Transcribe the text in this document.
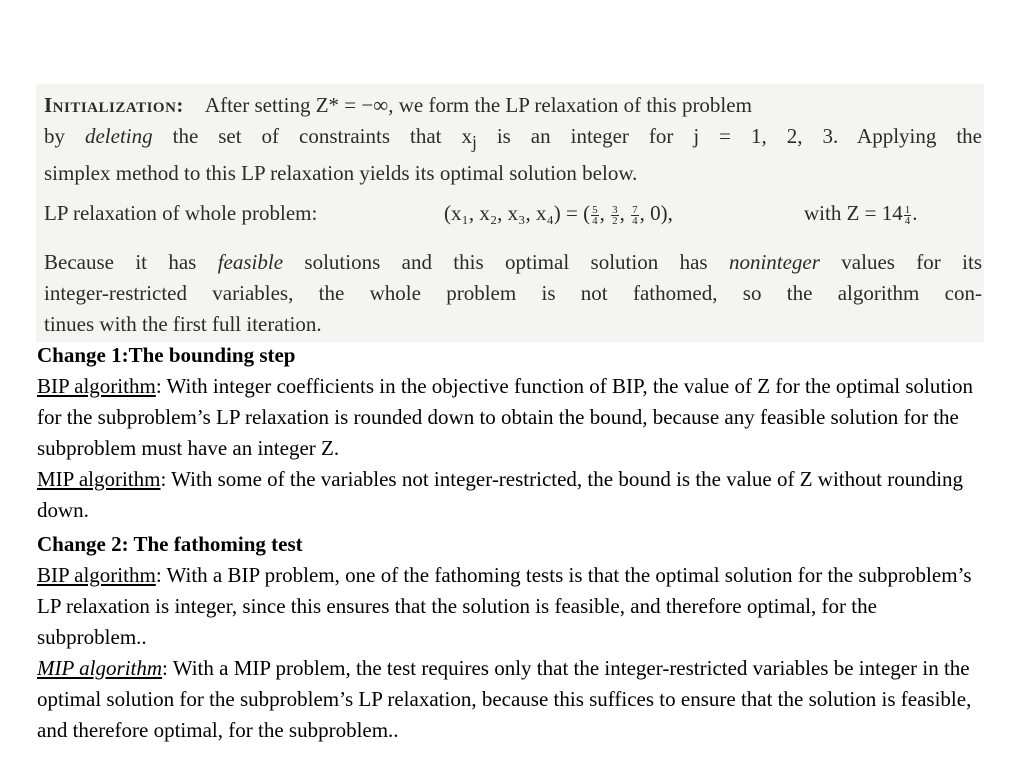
Initialization: After setting Z* = −∞, we form the LP relaxation of this problem
by deleting the set of constraints that $x_j$ is an integer for j = 1, 2, 3. Applying the
simplex method to this LP relaxation yields its optimal solution below.
LP relaxation of whole problem:	(x₁, x₂, x₃, x₄) = ( $\frac{5}{4}$ , $\frac{3}{2}$ , $\frac{7}{4}$ , 0),	with $Z = 14 \frac{1}{4}$ .
Because it has feasible solutions and this optimal solution has noninteger values for its
integer-restricted variables, the whole problem is not fathomed, so the algorithm con-
tinues with the first full iteration.
Change 1:The bounding step
BIP algorithm: With integer coefficients in the objective function of BIP, the value of Z for the optimal solution for the subproblem’s LP relaxation is rounded down to obtain the bound, because any feasible solution for the subproblem must have an integer Z.
MIP algorithm: With some of the variables not integer-restricted, the bound is the value of Z without rounding down.
Change 2: The fathoming test
BIP algorithm: With a BIP problem, one of the fathoming tests is that the optimal solution for the subproblem’s LP relaxation is integer, since this ensures that the solution is feasible, and therefore optimal, for the subproblem..
MIP algorithm: With a MIP problem, the test requires only that the integer-restricted variables be integer in the optimal solution for the subproblem’s LP relaxation, because this suffices to ensure that the solution is feasible, and therefore optimal, for the subproblem..
